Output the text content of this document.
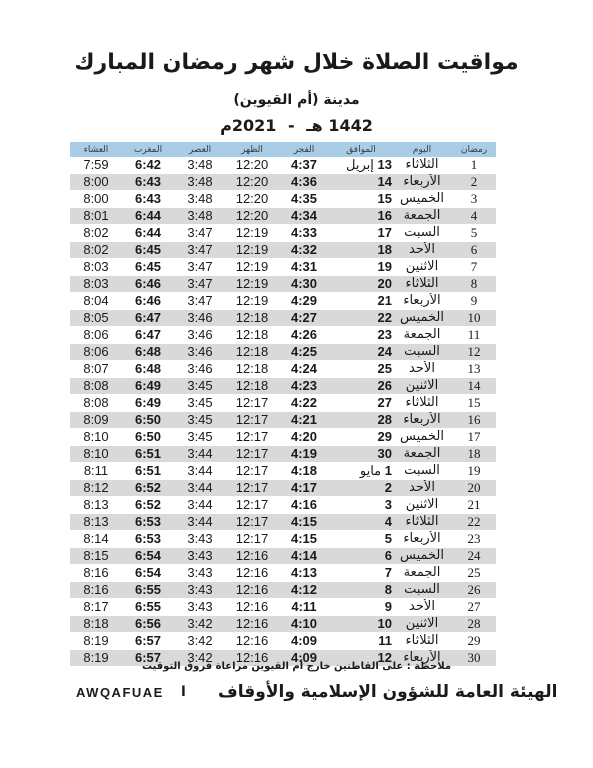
مواقيت الصلاة خلال شهر رمضان المبارك
مدينة (أم القيوين)
1442 هـ - 2021م
العشاء	المغرب	العصر	الظهر	الفجر	الموافق	اليوم	رمضان
7:59	6:42	3:48	12:20	4:37	13 إبريل	الثلاثاء	1
8:00	6:43	3:48	12:20	4:36	14	الأربعاء	2
8:00	6:43	3:48	12:20	4:35	15	الخميس	3
8:01	6:44	3:48	12:20	4:34	16	الجمعة	4
8:02	6:44	3:47	12:19	4:33	17	السبت	5
8:02	6:45	3:47	12:19	4:32	18	الأحد	6
8:03	6:45	3:47	12:19	4:31	19	الاثنين	7
8:03	6:46	3:47	12:19	4:30	20	الثلاثاء	8
8:04	6:46	3:47	12:19	4:29	21	الأربعاء	9
8:05	6:47	3:46	12:18	4:27	22	الخميس	10
8:06	6:47	3:46	12:18	4:26	23	الجمعة	11
8:06	6:48	3:46	12:18	4:25	24	السبت	12
8:07	6:48	3:46	12:18	4:24	25	الأحد	13
8:08	6:49	3:45	12:18	4:23	26	الاثنين	14
8:08	6:49	3:45	12:17	4:22	27	الثلاثاء	15
8:09	6:50	3:45	12:17	4:21	28	الأربعاء	16
8:10	6:50	3:45	12:17	4:20	29	الخميس	17
8:10	6:51	3:44	12:17	4:19	30	الجمعة	18
8:11	6:51	3:44	12:17	4:18	1 مايو	السبت	19
8:12	6:52	3:44	12:17	4:17	2	الأحد	20
8:13	6:52	3:44	12:17	4:16	3	الاثنين	21
8:13	6:53	3:44	12:17	4:15	4	الثلاثاء	22
8:14	6:53	3:43	12:17	4:15	5	الأربعاء	23
8:15	6:54	3:43	12:16	4:14	6	الخميس	24
8:16	6:54	3:43	12:16	4:13	7	الجمعة	25
8:16	6:55	3:43	12:16	4:12	8	السبت	26
8:17	6:55	3:43	12:16	4:11	9	الأحد	27
8:18	6:56	3:42	12:16	4:10	10	الاثنين	28
8:19	6:57	3:42	12:16	4:09	11	الثلاثاء	29
8:19	6:57	3:42	12:16	4:09	12	الأربعاء	30
ملاحظة : على القاطنين خارج أم القيوين مراعاة فروق التوقيت
الهيئة العامة للشؤون الإسلامية والأوقاف
ا
AWQAFUAE
